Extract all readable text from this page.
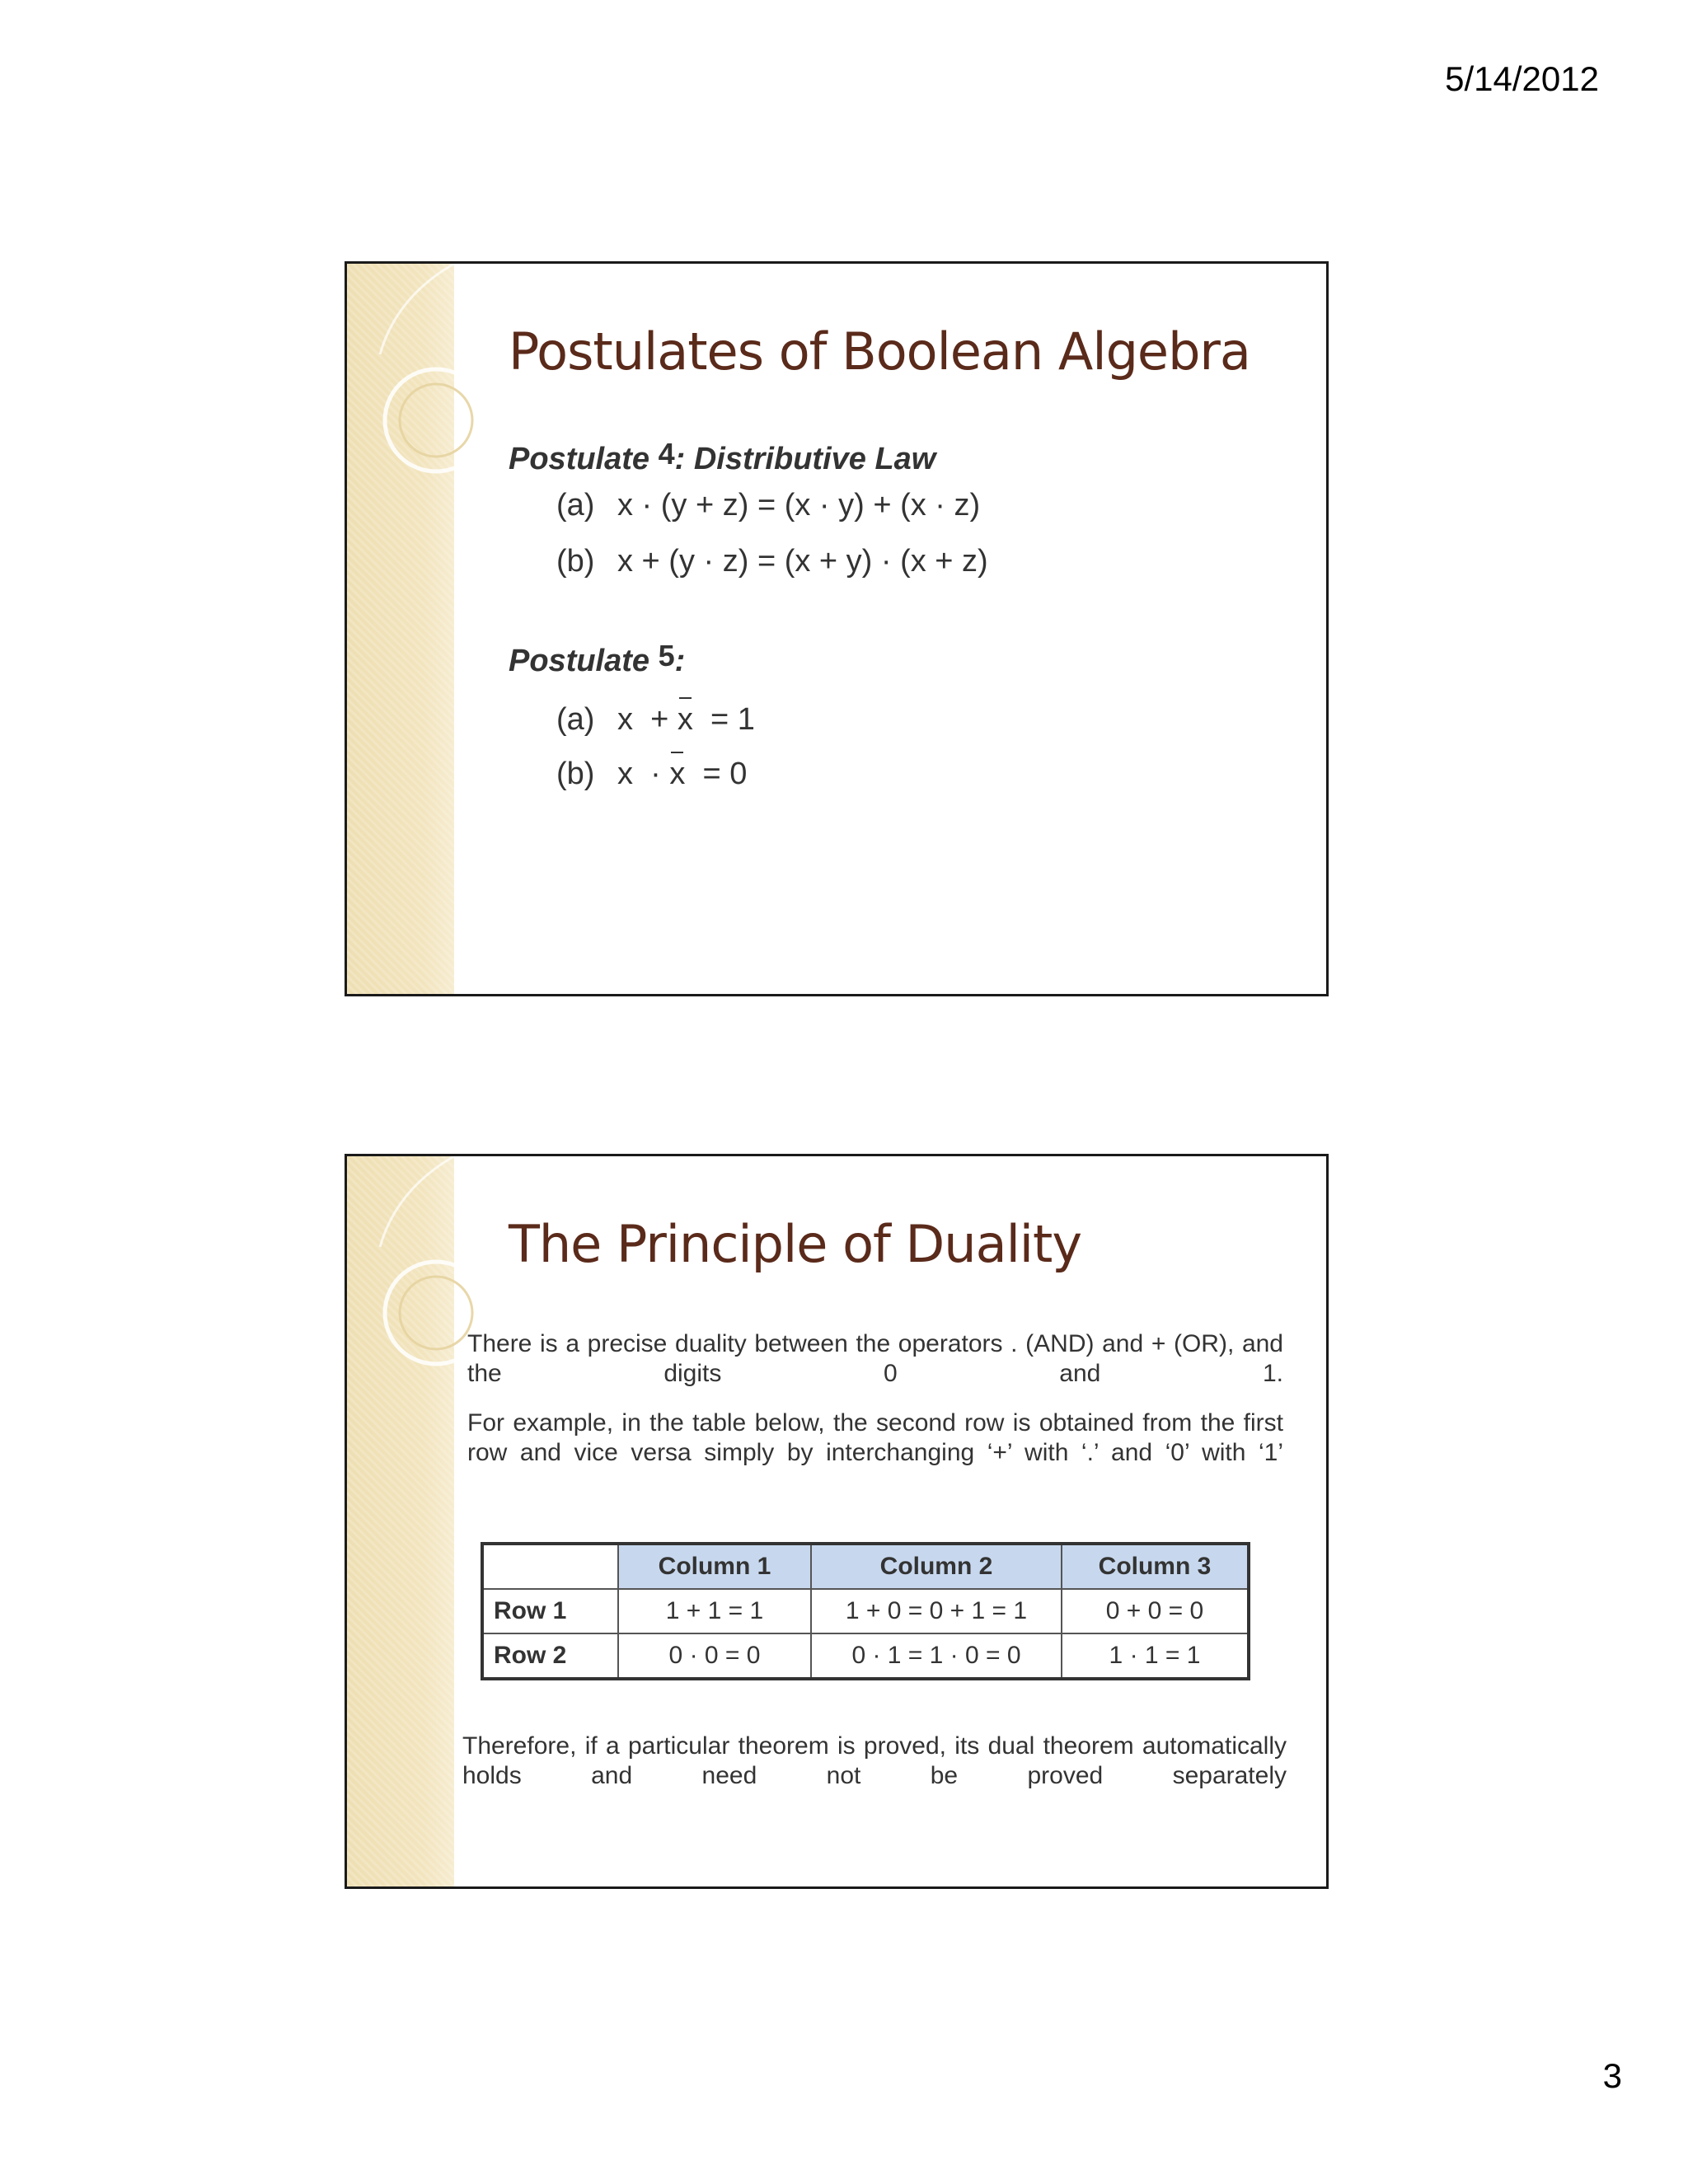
5/14/2012
Postulates of Boolean Algebra
Postulate 4: Distributive Law
(a) x · (y + z) = (x · y) + (x · z)
(b) x + (y · z) = (x + y) · (x + z)
Postulate 5:
(a) x  + x  = 1
(b) x  · x  = 0
The Principle of Duality
There is a precise duality between the operators . (AND) and + (OR), and the digits 0 and 1.
For example, in the table below, the second row is obtained from the first row and vice versa simply by interchanging ‘+’ with ‘.’ and ‘0’ with ‘1’
	Column 1	Column 2	Column 3
Row 1	1 + 1 = 1	1 + 0 = 0 + 1 = 1	0 + 0 = 0
Row 2	0 · 0 = 0	0 · 1 = 1 · 0 = 0	1 · 1 = 1
Therefore, if a particular theorem is proved, its dual theorem automatically holds and need not be proved separately
3
